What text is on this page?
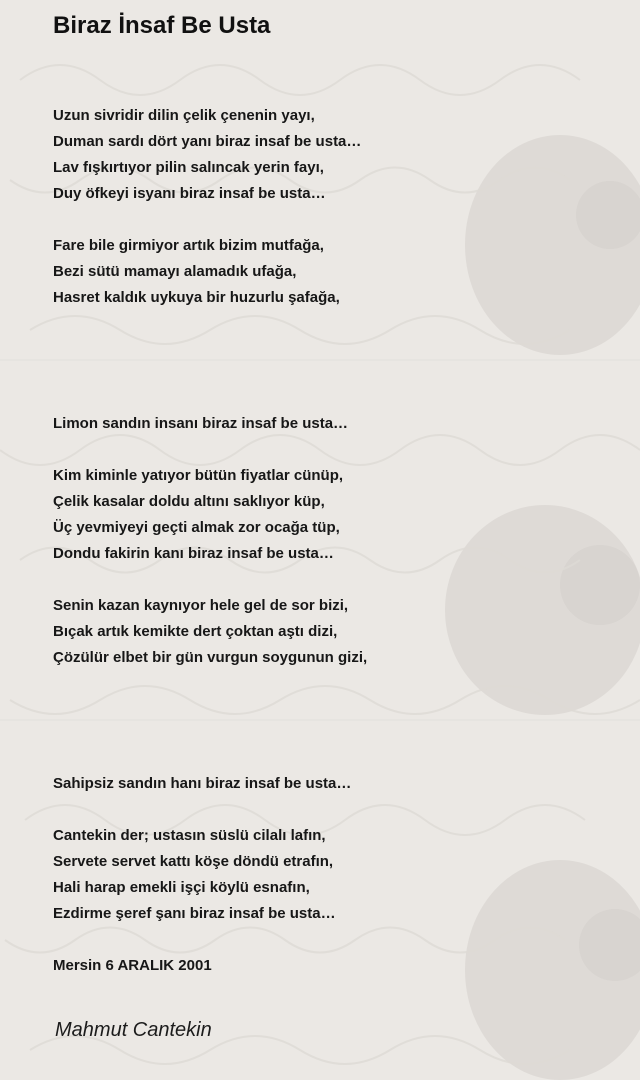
Biraz İnsaf Be Usta
Uzun sivridir dilin çelik çenenin yayı,
Duman sardı dört yanı biraz insaf be usta…
Lav fışkırtıyor pilin salıncak yerin fayı,
Duy öfkeyi isyanı biraz insaf be usta…
Fare bile girmiyor artık bizim mutfağa,
Bezi sütü mamayı alamadık ufağa,
Hasret kaldık uykuya bir huzurlu şafağa,
Limon sandın insanı biraz insaf be usta…
Kim kiminle yatıyor bütün fiyatlar cünüp,
Çelik kasalar doldu altını saklıyor küp,
Üç yevmiyeyi geçti almak zor ocağa tüp,
Dondu fakirin kanı biraz insaf be usta…
Senin kazan kaynıyor hele gel de sor bizi,
Bıçak artık kemikte dert çoktan aştı dizi,
Çözülür elbet bir gün vurgun soygunun gizi,
Sahipsiz sandın hanı biraz insaf be usta…
Cantekin der; ustasın süslü cilalı lafın,
Servete servet kattı köşe döndü etrafın,
Hali harap emekli işçi köylü esnafın,
Ezdirme şeref şanı biraz insaf be usta…
Mersin 6 ARALIK 2001
Mahmut Cantekin
